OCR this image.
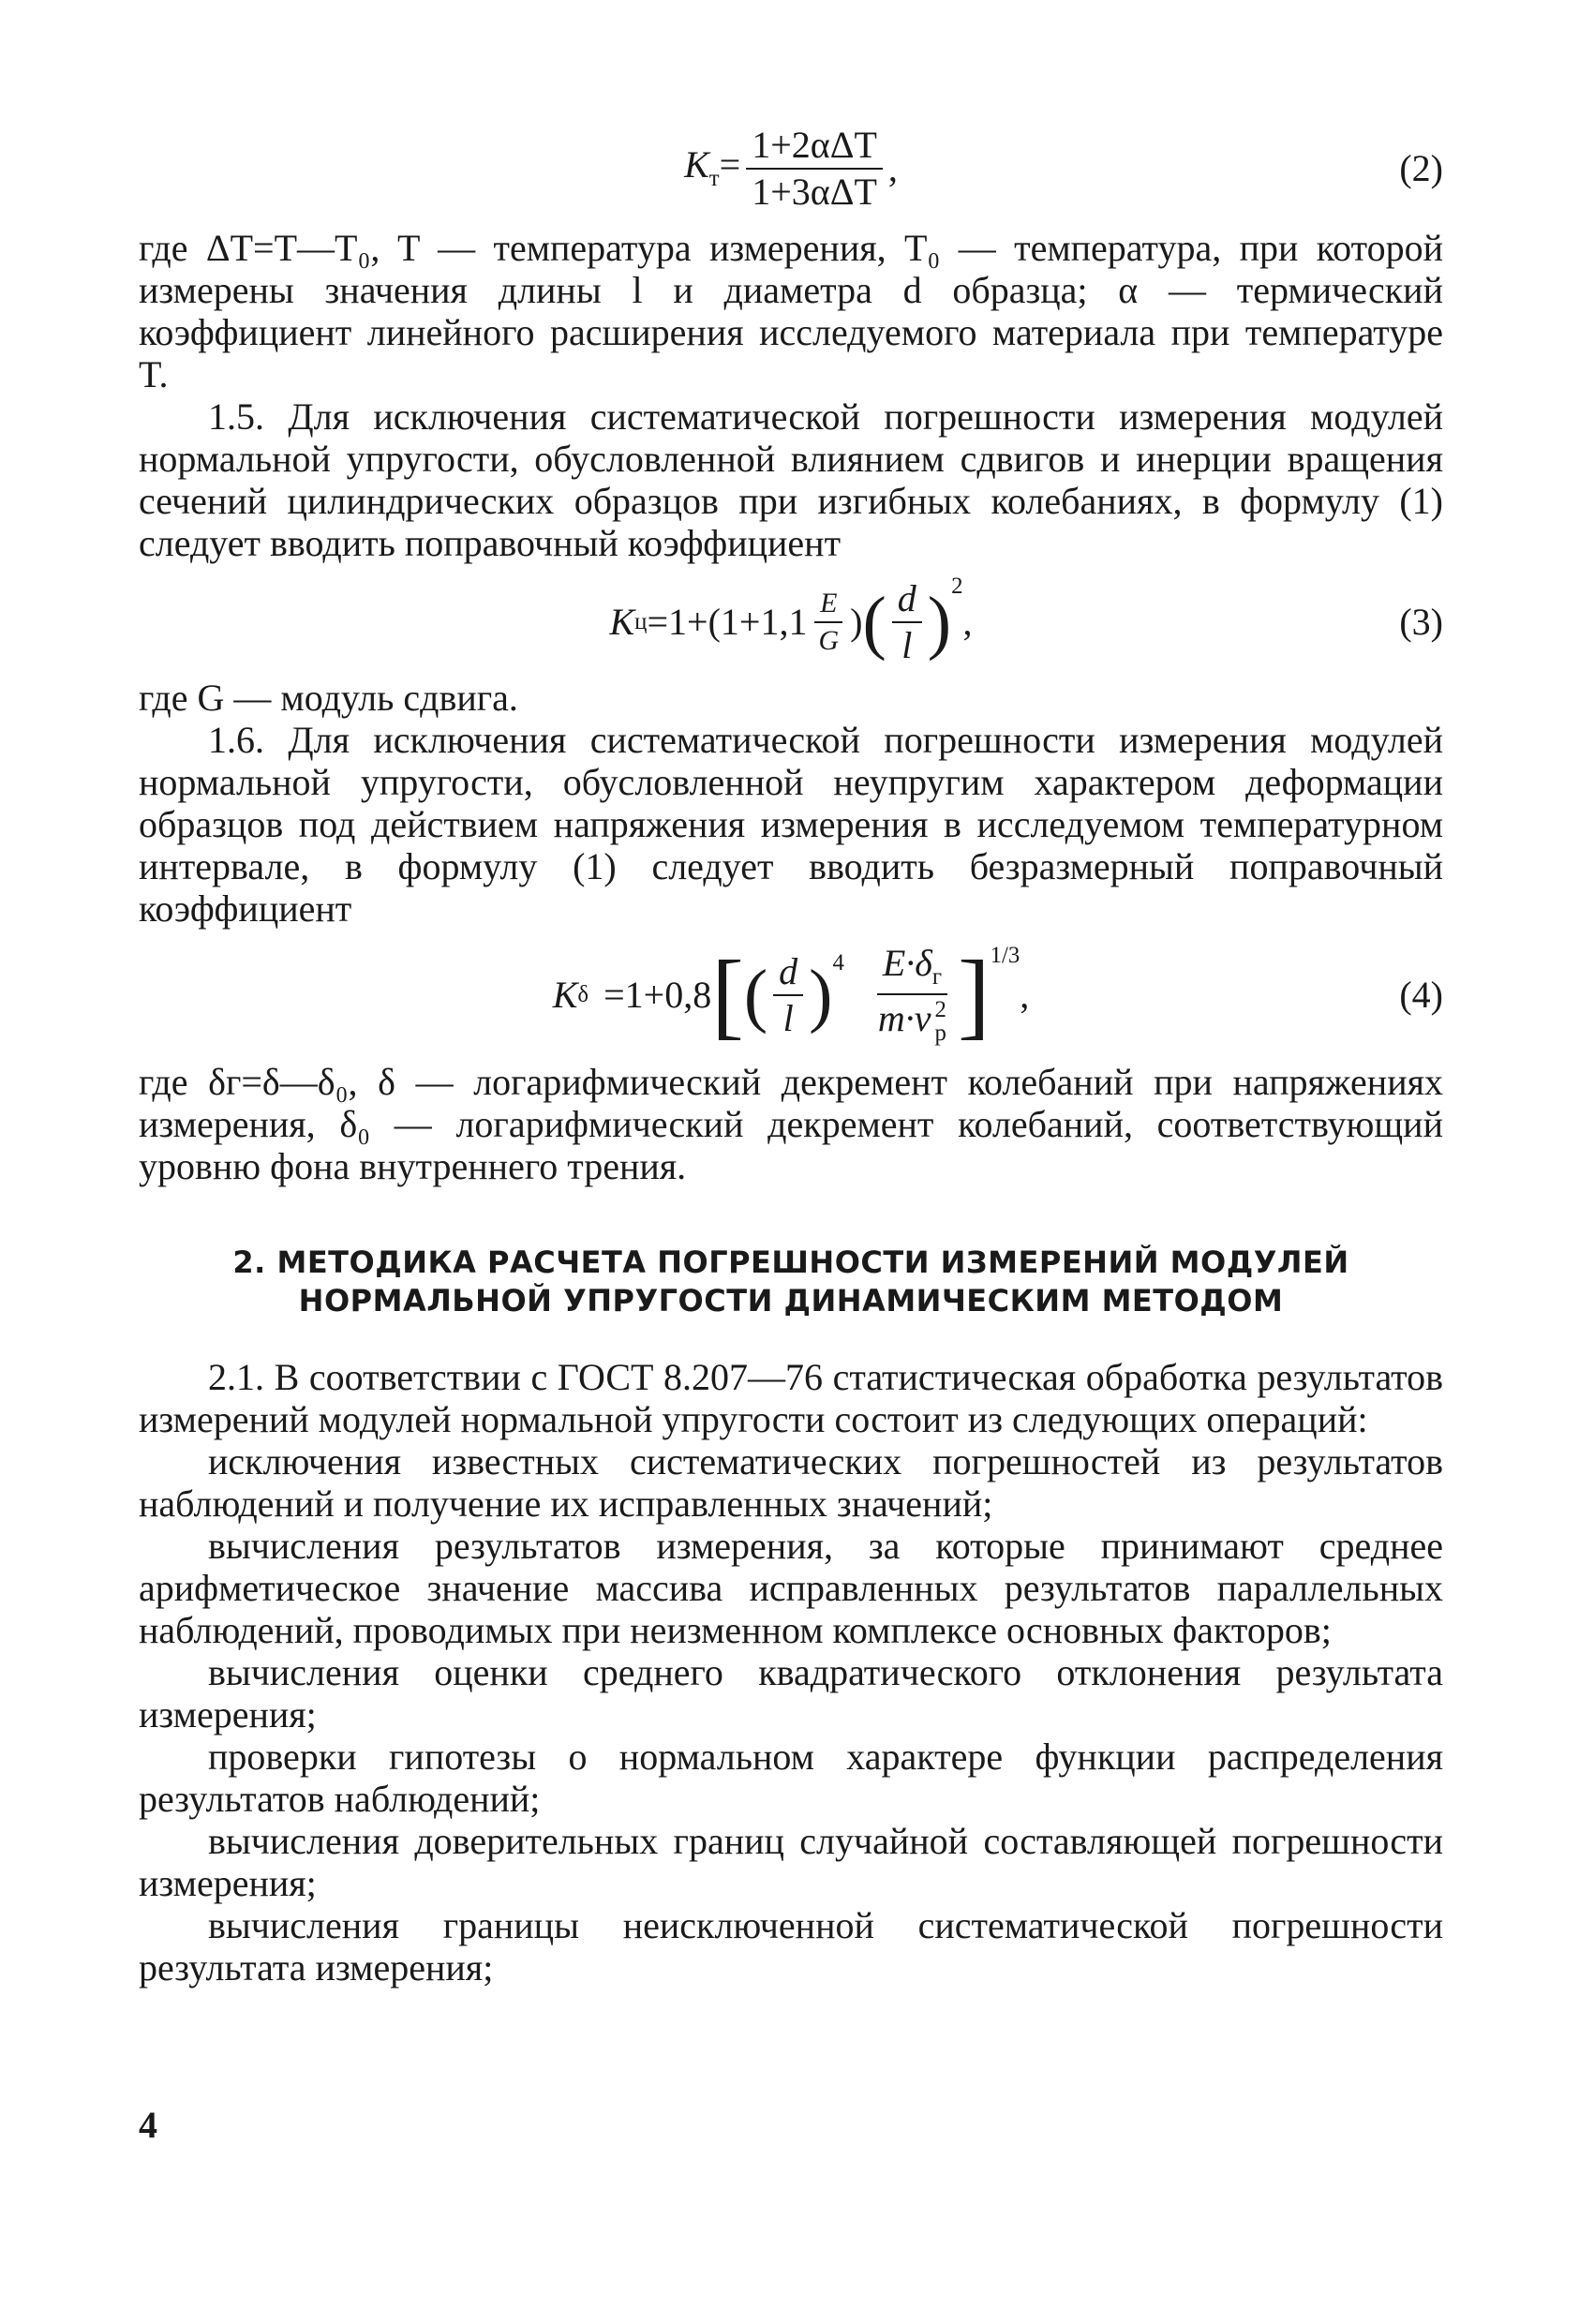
$K_т= \frac{\text{1+2αΔT}}{\text{1+3αΔT}}$ ,	(2)

где ΔT=T—T₀, T — температура измерения, T₀ — температура, при которой измерены значения длины l и диаметра d образца; α — термический коэффициент линейного расширения исследуемого материала при температуре T.

1.5. Для исключения систематической погрешности измерения модулей нормальной упругости, обусловленной влиянием сдвигов и инерции вращения сечений цилиндрических образцов при изгибных колебаниях, в формулу (1) следует вводить поправочный коэффициент

K ц =1+ ( $1+1,1 \frac{E}{G}$ ) ( $\frac{d}{l} )^2$
,	(3)

где G — модуль сдвига.

1.6. Для исключения систематической погрешности измерения модулей нормальной упругости, обусловленной неупругим характером деформации образцов под действием напряжения измерения в исследуемом температурном интервале, в формулу (1) следует вводить безразмерный поправочный коэффициент

K δ =1+0,8 [ ( $\frac{d}{l} )^4$ $E\cdot\delta_г$
m·ν 2
р ]$^{1/3}$
,	(4)

где δг=δ—δ₀, δ — логарифмический декремент колебаний при напряжениях измерения, δ₀ — логарифмический декремент колебаний, соответствующий уровню фона внутреннего трения.

2. МЕТОДИКА РАСЧЕТА ПОГРЕШНОСТИ ИЗМЕРЕНИЙ МОДУЛЕЙ

НОРМАЛЬНОЙ УПРУГОСТИ ДИНАМИЧЕСКИМ МЕТОДОМ

2.1. В соответствии с ГОСТ 8.207—76 статистическая обработка результатов измерений модулей нормальной упругости состоит из следующих операций:

исключения известных систематических погрешностей из результатов наблюдений и получение их исправленных значений;

вычисления результатов измерения, за которые принимают среднее арифметическое значение массива исправленных результатов параллельных наблюдений, проводимых при неизменном комплексе основных факторов;

вычисления оценки среднего квадратического отклонения результата измерения;

проверки гипотезы о нормальном характере функции распределения результатов наблюдений;

вычисления доверительных границ случайной составляющей погрешности измерения;

вычисления границы неисключенной систематической погрешности результата измерения;

4
